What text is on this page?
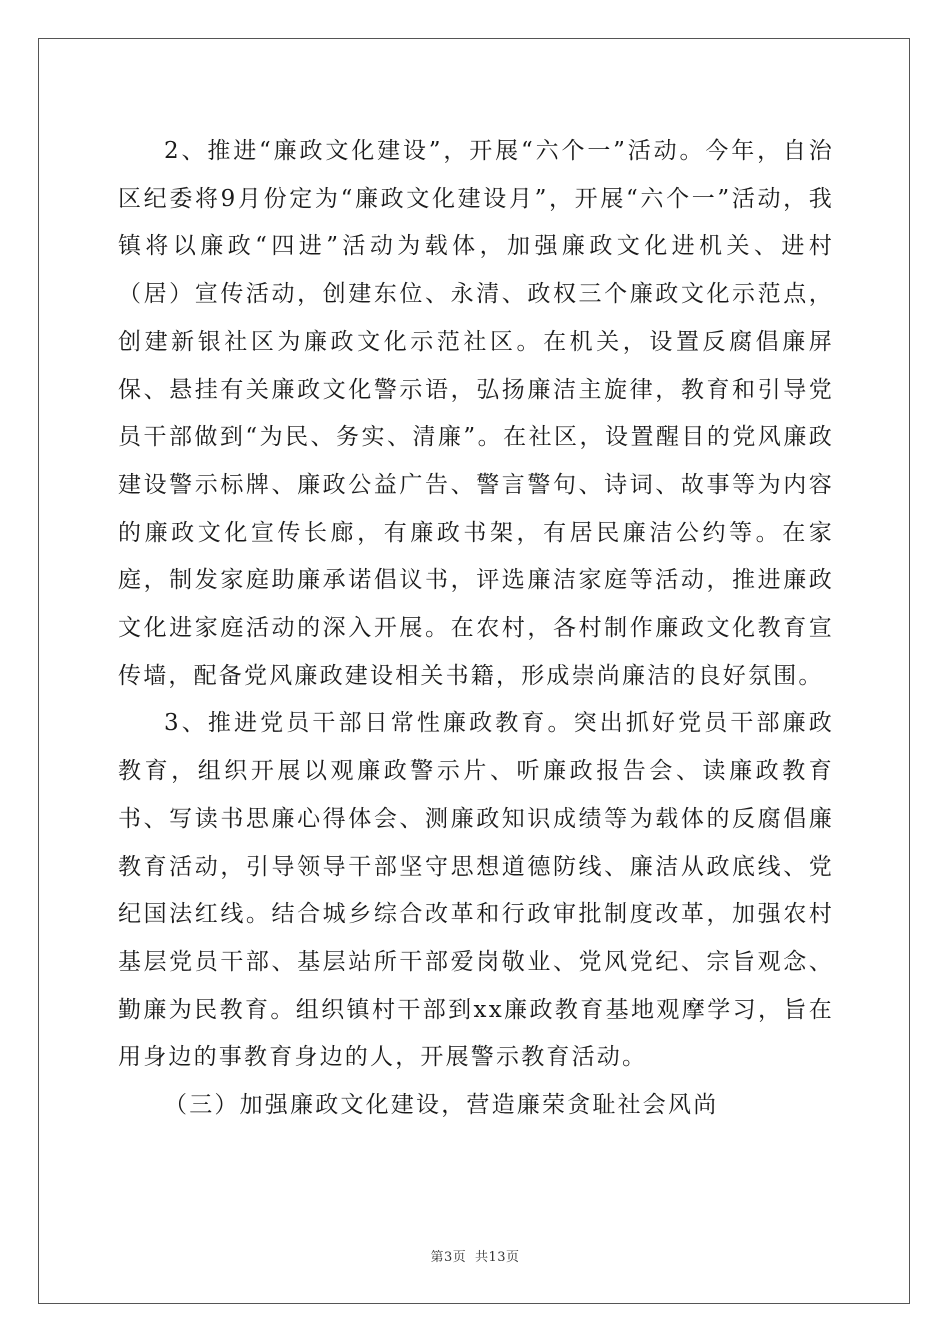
2、推进“廉政文化建设”，开展“六个一”活动。今年，自治区纪委将9月份定为“廉政文化建设月”，开展“六个一”活动，我镇将以廉政“四进”活动为载体，加强廉政文化进机关、进村（居）宣传活动，创建东位、永清、政权三个廉政文化示范点，创建新银社区为廉政文化示范社区。在机关，设置反腐倡廉屏保、悬挂有关廉政文化警示语，弘扬廉洁主旋律，教育和引导党员干部做到“为民、务实、清廉”。在社区，设置醒目的党风廉政建设警示标牌、廉政公益广告、警言警句、诗词、故事等为内容的廉政文化宣传长廊，有廉政书架，有居民廉洁公约等。在家庭，制发家庭助廉承诺倡议书，评选廉洁家庭等活动，推进廉政文化进家庭活动的深入开展。在农村，各村制作廉政文化教育宣传墙，配备党风廉政建设相关书籍，形成崇尚廉洁的良好氛围。

3、推进党员干部日常性廉政教育。突出抓好党员干部廉政教育，组织开展以观廉政警示片、听廉政报告会、读廉政教育书、写读书思廉心得体会、测廉政知识成绩等为载体的反腐倡廉教育活动，引导领导干部坚守思想道德防线、廉洁从政底线、党纪国法红线。结合城乡综合改革和行政审批制度改革，加强农村基层党员干部、基层站所干部爱岗敬业、党风党纪、宗旨观念、勤廉为民教育。组织镇村干部到xx廉政教育基地观摩学习，旨在用身边的事教育身边的人，开展警示教育活动。

（三）加强廉政文化建设，营造廉荣贪耻社会风尚

第3页 共13页
